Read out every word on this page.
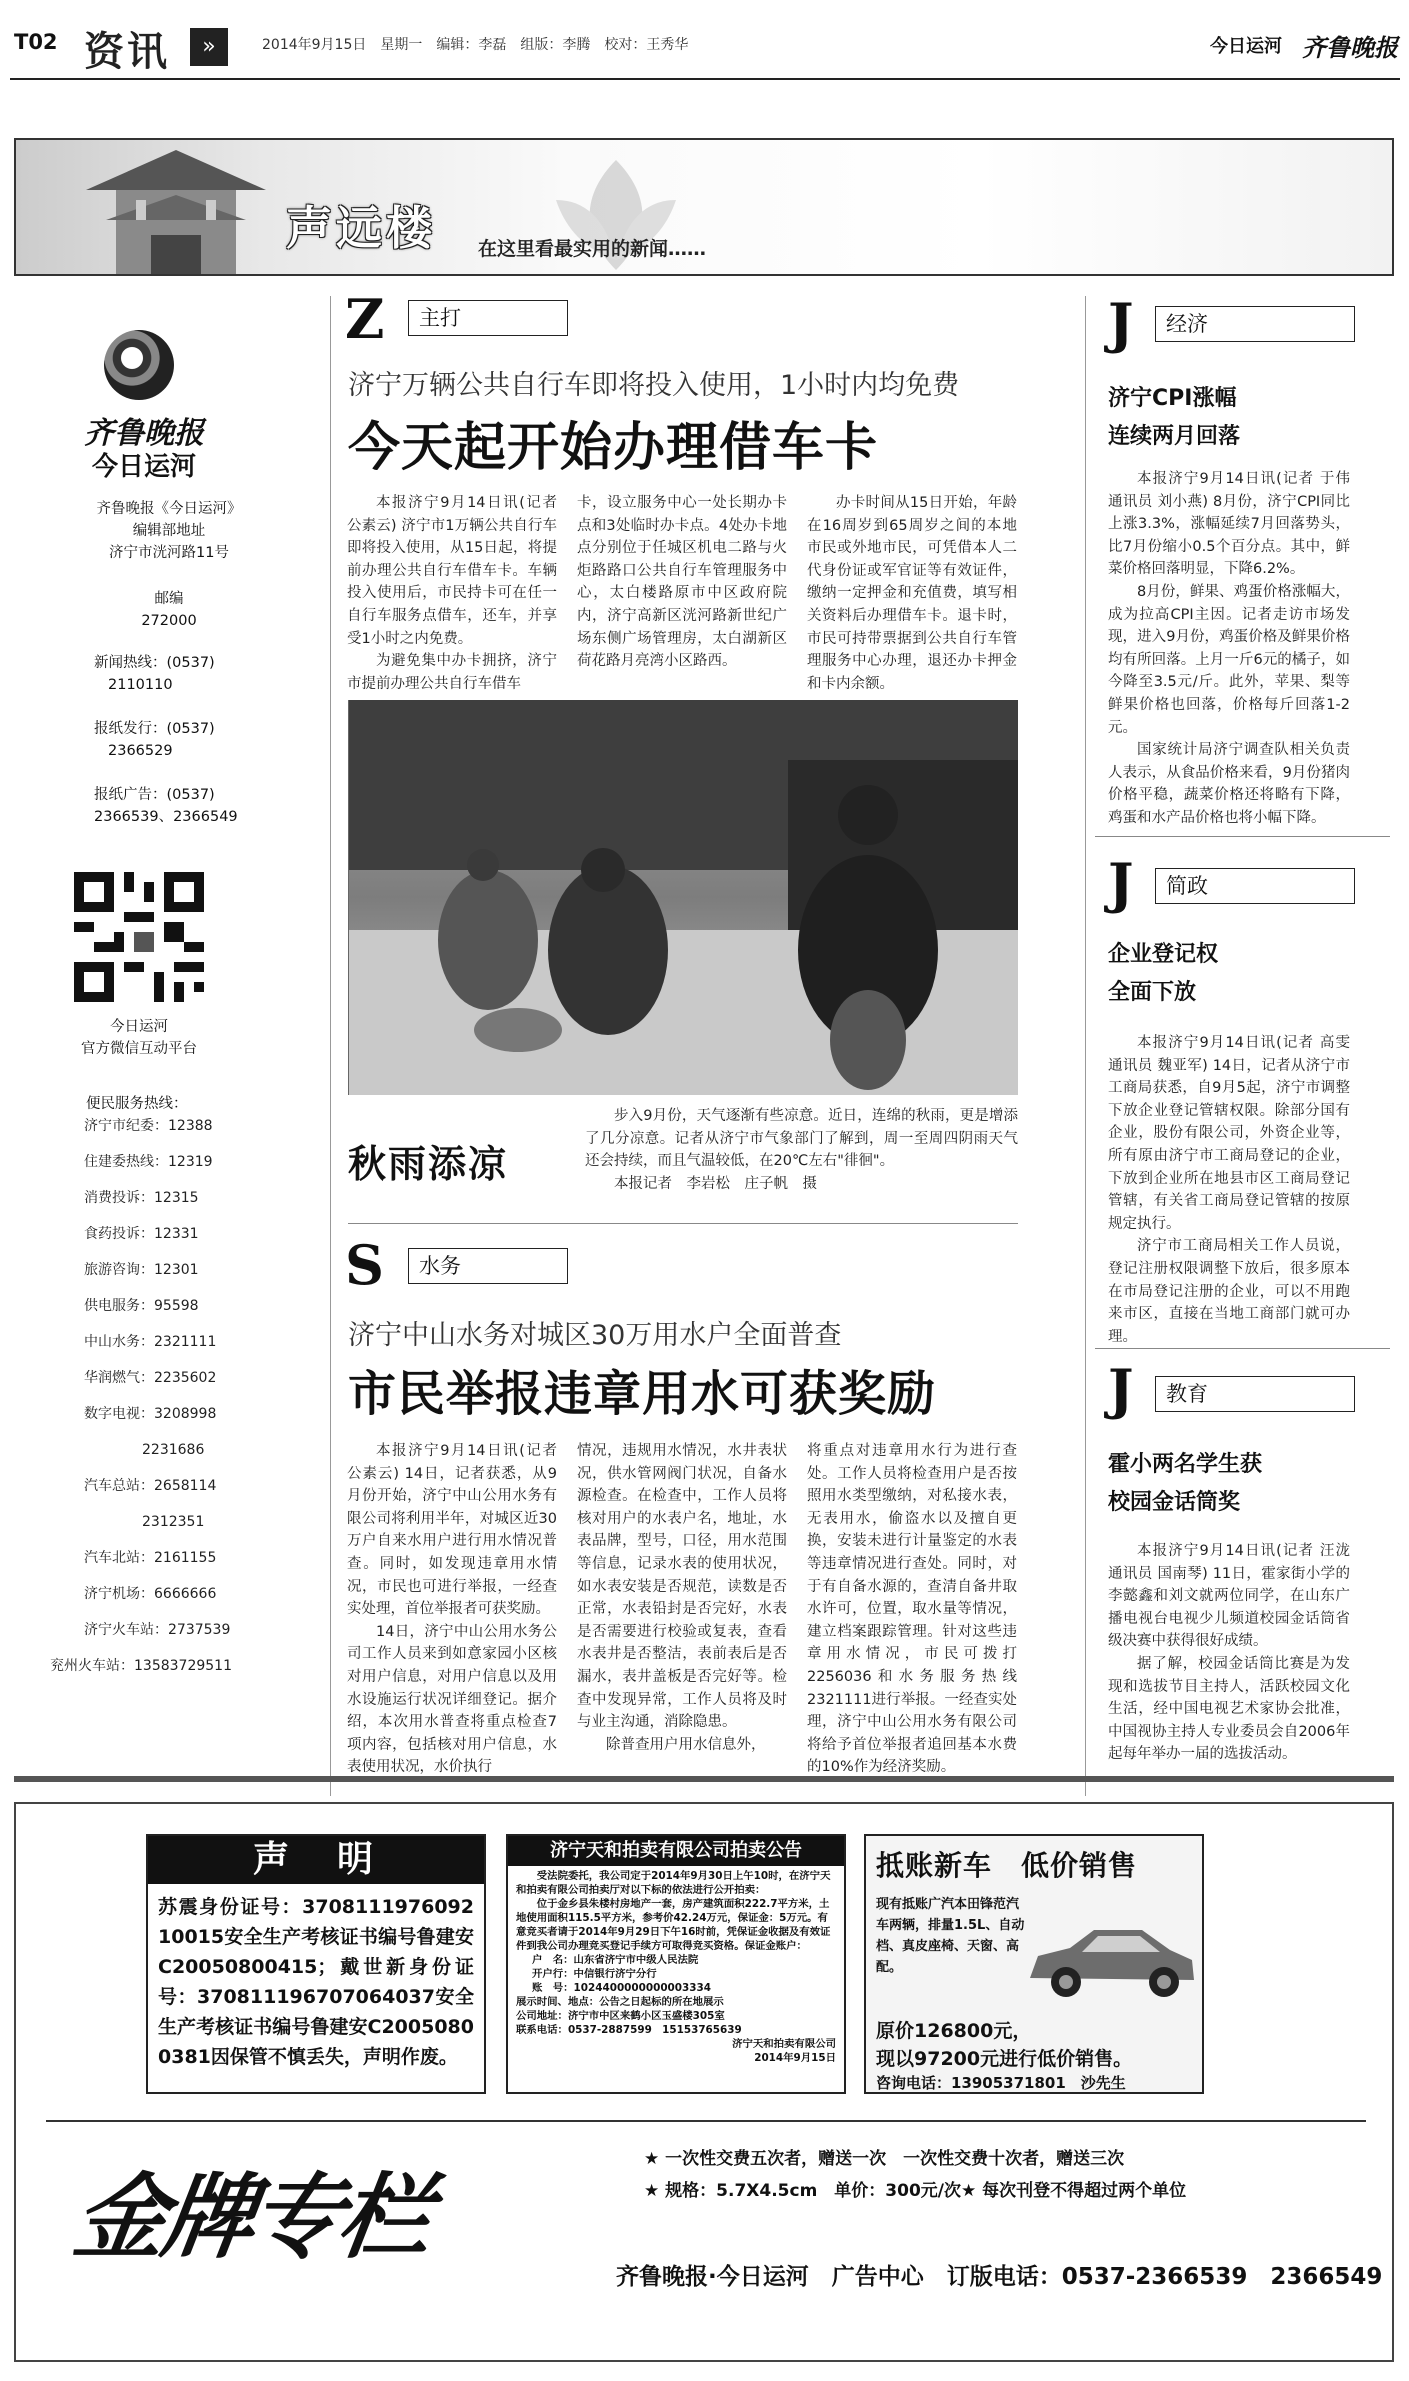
T02 资讯	»	2014年9月15日　星期一　编辑：李磊　组版：李腾　校对：王秀华	今日运河 齐鲁晚报
声远楼 在这里看最实用的新闻……
齐鲁晚报
今日运河
齐鲁晚报《今日运河》
编辑部地址
济宁市洸河路11号
邮编
272000
新闻热线：(0537)
2110110
报纸发行：(0537)
2366529
报纸广告：(0537)
2366539、2366549
今日运河
官方微信互动平台
便民服务热线：
济宁市纪委：12388
住建委热线：12319
消费投诉：12315
食药投诉：12331
旅游咨询：12301
供电服务：95598
中山水务：2321111
华润燃气：2235602
数字电视：3208998
2231686
汽车总站：2658114
2312351
汽车北站：2161155
济宁机场：6666666
济宁火车站：2737539
兖州火车站：13583729511
Z	主打
济宁万辆公共自行车即将投入使用，1小时内均免费
今天起开始办理借车卡

本报济宁9月14日讯(记者 公素云) 济宁市1万辆公共自行车即将投入使用，从15日起，将提前办理公共自行车借车卡。车辆投入使用后，市民持卡可在任一自行车服务点借车，还车，并享受1小时之内免费。

为避免集中办卡拥挤，济宁市提前办理公共自行车借车

卡，设立服务中心一处长期办卡点和3处临时办卡点。4处办卡地点分别位于任城区机电二路与火炬路路口公共自行车管理服务中心，太白楼路原市中区政府院内，济宁高新区洸河路新世纪广场东侧广场管理房，太白湖新区荷花路月亮湾小区路西。

办卡时间从15日开始，年龄在16周岁到65周岁之间的本地市民或外地市民，可凭借本人二代身份证或军官证等有效证件，缴纳一定押金和充值费，填写相关资料后办理借车卡。退卡时，市民可持带票据到公共自行车管理服务中心办理，退还办卡押金和卡内余额。

秋雨添凉

步入9月份，天气逐渐有些凉意。近日，连绵的秋雨，更是增添了几分凉意。记者从济宁市气象部门了解到，周一至周四阴雨天气还会持续，而且气温较低，在20℃左右"徘徊"。

本报记者　李岩松　庄子帆　摄
S	水务
济宁中山水务对城区30万用水户全面普查
市民举报违章用水可获奖励

本报济宁9月14日讯(记者 公素云) 14日，记者获悉，从9月份开始，济宁中山公用水务有限公司将利用半年，对城区近30万户自来水用户进行用水情况普查。同时，如发现违章用水情况，市民也可进行举报，一经查实处理，首位举报者可获奖励。

14日，济宁中山公用水务公司工作人员来到如意家园小区核对用户信息，对用户信息以及用水设施运行状况详细登记。据介绍，本次用水普查将重点检查7项内容，包括核对用户信息，水表使用状况，水价执行

情况，违规用水情况，水井表状况，供水管网阀门状况，自备水源检查。在检查中，工作人员将核对用户的水表户名，地址，水表品牌，型号，口径，用水范围等信息，记录水表的使用状况，如水表安装是否规范，读数是否正常，水表铅封是否完好，水表是否需要进行校验或复表，查看水表井是否整洁，表前表后是否漏水，表井盖板是否完好等。检查中发现异常，工作人员将及时与业主沟通，消除隐患。

除普查用户用水信息外，

将重点对违章用水行为进行查处。工作人员将检查用户是否按照用水类型缴纳，对私接水表，无表用水，偷盗水以及擅自更换，安装未进行计量鉴定的水表等违章情况进行查处。同时，对于有自备水源的，查清自备井取水许可，位置，取水量等情况，建立档案跟踪管理。针对这些违章用水情况，市民可拨打2256036和水务服务热线2321111进行举报。一经查实处理，济宁中山公用水务有限公司将给予首位举报者追回基本水费的10%作为经济奖励。

J	经济
济宁CPI涨幅
连续两月回落

本报济宁9月14日讯(记者 于伟 通讯员 刘小燕) 8月份，济宁CPI同比上涨3.3%，涨幅延续7月回落势头，比7月份缩小0.5个百分点。其中，鲜菜价格回落明显，下降6.2%。

8月份，鲜果、鸡蛋价格涨幅大，成为拉高CPI主因。记者走访市场发现，进入9月份，鸡蛋价格及鲜果价格均有所回落。上月一斤6元的橘子，如今降至3.5元/斤。此外，苹果、梨等鲜果价格也回落，价格每斤回落1-2元。

国家统计局济宁调查队相关负责人表示，从食品价格来看，9月份猪肉价格平稳，蔬菜价格还将略有下降，鸡蛋和水产品价格也将小幅下降。

J	简政
企业登记权
全面下放

本报济宁9月14日讯(记者 高雯 通讯员 魏亚军) 14日，记者从济宁市工商局获悉，自9月5起，济宁市调整下放企业登记管辖权限。除部分国有企业，股份有限公司，外资企业等，所有原由济宁市工商局登记的企业，下放到企业所在地县市区工商局登记管辖，有关省工商局登记管辖的按原规定执行。

济宁市工商局相关工作人员说，登记注册权限调整下放后，很多原本在市局登记注册的企业，可以不用跑来市区，直接在当地工商部门就可办理。

J	教育
霍小两名学生获
校园金话筒奖

本报济宁9月14日讯(记者 汪泷 通讯员 国南琴) 11日，霍家街小学的李懿鑫和刘文就两位同学，在山东广播电视台电视少儿频道校园金话筒省级决赛中获得很好成绩。

据了解，校园金话筒比赛是为发现和选拔节目主持人，活跃校园文化生活，经中国电视艺术家协会批准，中国视协主持人专业委员会自2006年起每年举办一届的选拔活动。

声　明
苏震身份证号：370811197609210015安全生产考核证书编号鲁建安C20050800415；戴世新身份证号：370811196707064037安全生产考核证书编号鲁建安C20050800381因保管不慎丢失，声明作废。
济宁天和拍卖有限公司拍卖公告
受法院委托，我公司定于2014年9月30日上午10时，在济宁天和拍卖有限公司拍卖厅对以下标的依法进行公开拍卖：
位于金乡县朱楼村房地产一套，房产建筑面积222.7平方米，土地使用面积115.5平方米，参考价42.24万元，保证金：5万元。有意竞买者请于2014年9月29日下午16时前，凭保证金收据及有效证件到我公司办理竞买登记手续方可取得竞买资格。保证金账户：
户　名：山东省济宁市中级人民法院
开户行：中信银行济宁分行
账　号：1024400000000003334
展示时间、地点：公告之日起标的所在地展示
公司地址：济宁市中区来鹤小区玉盛楼305室
联系电话：0537-2887599　15153765639
济宁天和拍卖有限公司
2014年9月15日
抵账新车　低价销售
现有抵账广汽本田锋范汽车两辆，排量1.5L、自动档、真皮座椅、天窗、高配。
原价126800元，
现以97200元进行低价销售。
咨询电话：13905371801　沙先生
金牌专栏
★ 一次性交费五次者，赠送一次　一次性交费十次者，赠送三次
★ 规格：5.7X4.5cm　单价：300元/次★ 每次刊登不得超过两个单位
齐鲁晚报·今日运河　广告中心　订版电话：0537-2366539　2366549
